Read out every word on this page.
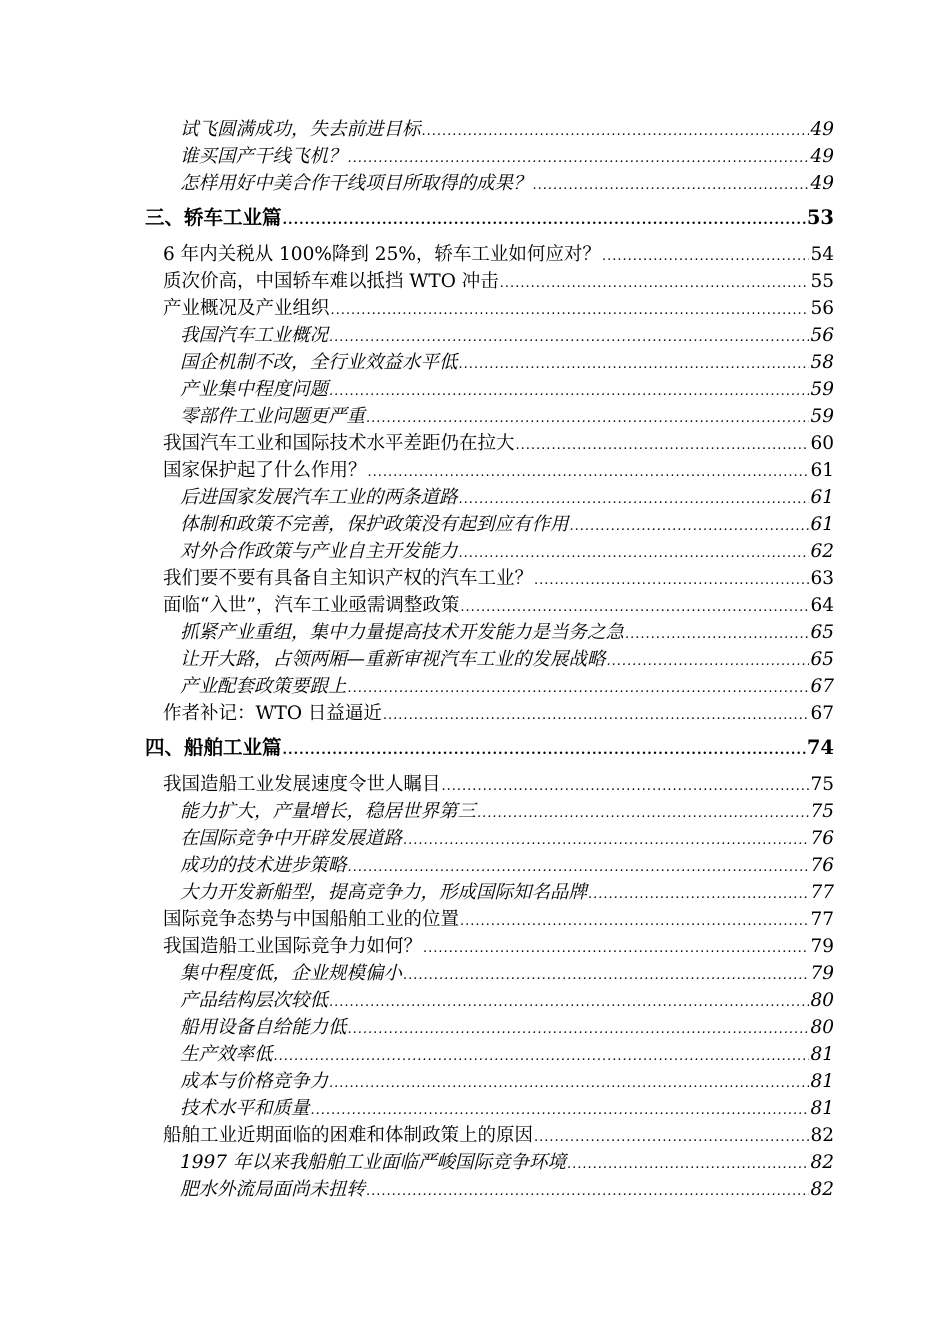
试飞圆满成功，失去前进目标 .....	49
谁买国产干线飞机？ .....	49
怎样用好中美合作干线项目所取得的成果？ .....	49
三、轿车工业篇 .....	53
6 年内关税从 100%降到 25%，轿车工业如何应对？ .....	54
质次价高，中国轿车难以抵挡 WTO 冲击 .....	55
产业概况及产业组织 .....	56
我国汽车工业概况 .....	56
国企机制不改，全行业效益水平低 .....	58
产业集中程度问题 .....	59
零部件工业问题更严重 .....	59
我国汽车工业和国际技术水平差距仍在拉大 .....	60
国家保护起了什么作用？ .....	61
后进国家发展汽车工业的两条道路 .....	61
体制和政策不完善，保护政策没有起到应有作用 .....	61
对外合作政策与产业自主开发能力 .....	62
我们要不要有具备自主知识产权的汽车工业？ .....	63
面临“入世”，汽车工业亟需调整政策 .....	64
抓紧产业重组，集中力量提高技术开发能力是当务之急 .....	65
让开大路，占领两厢—重新审视汽车工业的发展战略 .....	65
产业配套政策要跟上 .....	67
作者补记：WTO 日益逼近 .....	67
四、船舶工业篇 .....	74
我国造船工业发展速度令世人瞩目 .....	75
能力扩大，产量增长，稳居世界第三 .....	75
在国际竞争中开辟发展道路 .....	76
成功的技术进步策略 .....	76
大力开发新船型，提高竞争力，形成国际知名品牌 .....	77
国际竞争态势与中国船舶工业的位置 .....	77
我国造船工业国际竞争力如何？ .....	79
集中程度低，企业规模偏小 .....	79
产品结构层次较低 .....	80
船用设备自给能力低 .....	80
生产效率低 .....	81
成本与价格竞争力 .....	81
技术水平和质量 .....	81
船舶工业近期面临的困难和体制政策上的原因 .....	82
1997 年以来我船舶工业面临严峻国际竞争环境 .....	82
肥水外流局面尚未扭转 .....	82
